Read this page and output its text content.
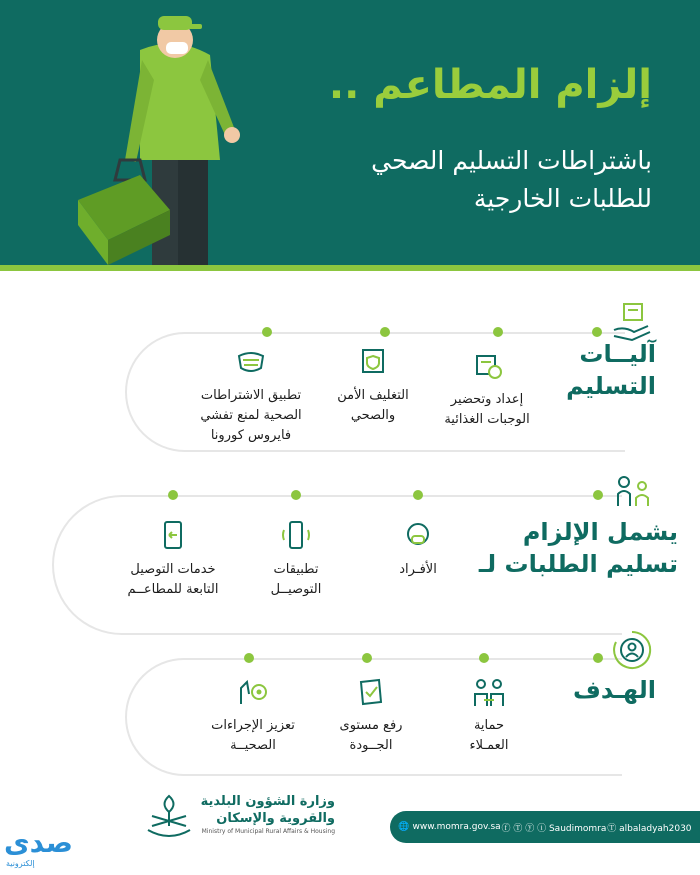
إلزام المطاعم ..
باشتراطات التسليم الصحي
للطلبات الخارجية
آليــات
التسليم
إعداد وتحضير
الوجبات الغذائية
التغليف الأمن
والصحي
تطبيق الاشتراطات
الصحية لمنع تفشي
فايروس كورونا
يشمل الإلزام
تسليم الطلبات لـ
الأفـراد
تطبيقات
التوصيــل
خدمات التوصيل
التابعة للمطاعــم
الهـدف
حماية
العمـلاء
رفع مستوى
الجــودة
تعزيز الإجراءات
الصحيــة
وزارة الشؤون البلدية
والقروية والإسكان
Ministry of Municipal Rural Affairs & Housing	🌐 www.momra.gov.sa ⓕ Ⓣ ⓨ ⓘ Saudimomra Ⓣ albaladyah2030
صدى
إلكترونية
